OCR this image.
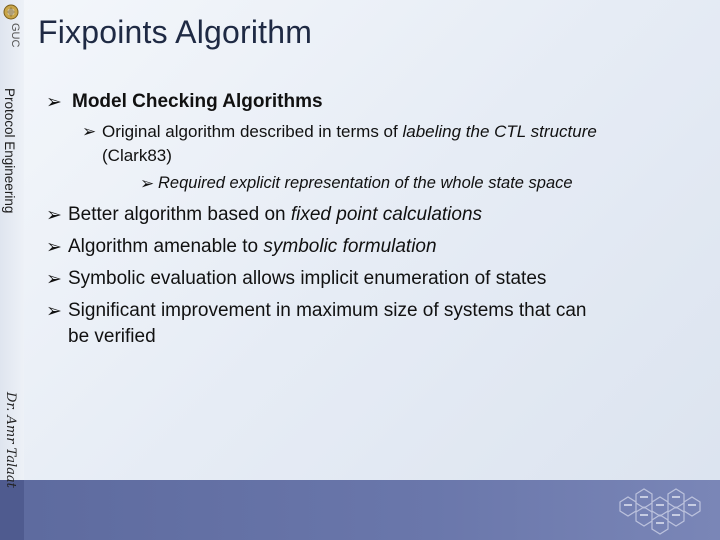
GUC Fixpoints Algorithm
Protocol Engineering
Dr. Amr Talaat
➢ Model Checking Algorithms
➢ Original algorithm described in terms of labeling the CTL structure
(Clark83)
➢ Required explicit representation of the whole state space
➢ Better algorithm based on fixed point calculations
➢ Algorithm amenable to symbolic formulation
➢ Symbolic evaluation allows implicit enumeration of states
➢ Significant improvement in maximum size of systems that can
be verified
